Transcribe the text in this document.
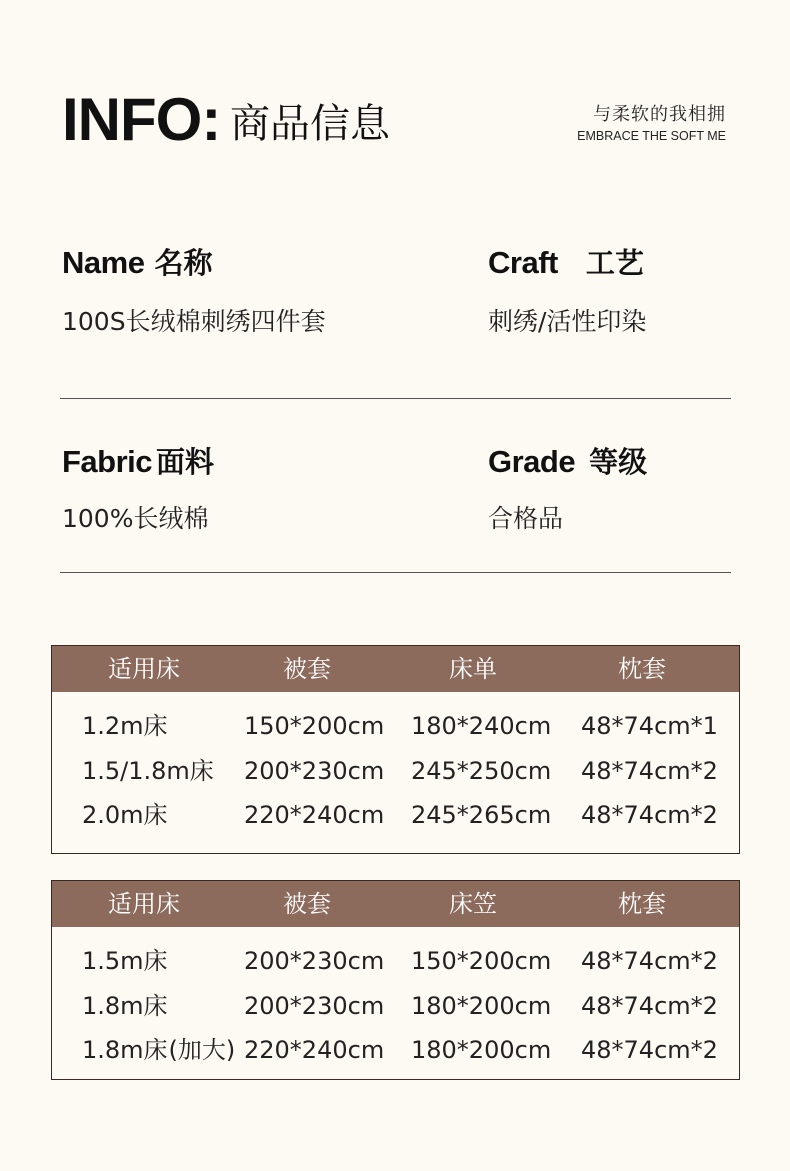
INFO: 商品信息	与柔软的我相拥
EMBRACE THE SOFT ME
Name 名称
100S长绒棉刺绣四件套
Craft 工艺
刺绣/活性印染
Fabric 面料
100%长绒棉
Grade 等级
合格品
适用床	被套	床单	枕套
1.2m床	150*200cm 180*240cm 48*74cm*1
1.5/1.8m床 200*230cm 245*250cm 48*74cm*2
2.0m床	220*240cm 245*265cm 48*74cm*2
适用床	被套	床笠	枕套
1.5m床	200*230cm 150*200cm 48*74cm*2
1.8m床	200*230cm 180*200cm 48*74cm*2
1.8m床(加大) 220*240cm 180*200cm 48*74cm*2
